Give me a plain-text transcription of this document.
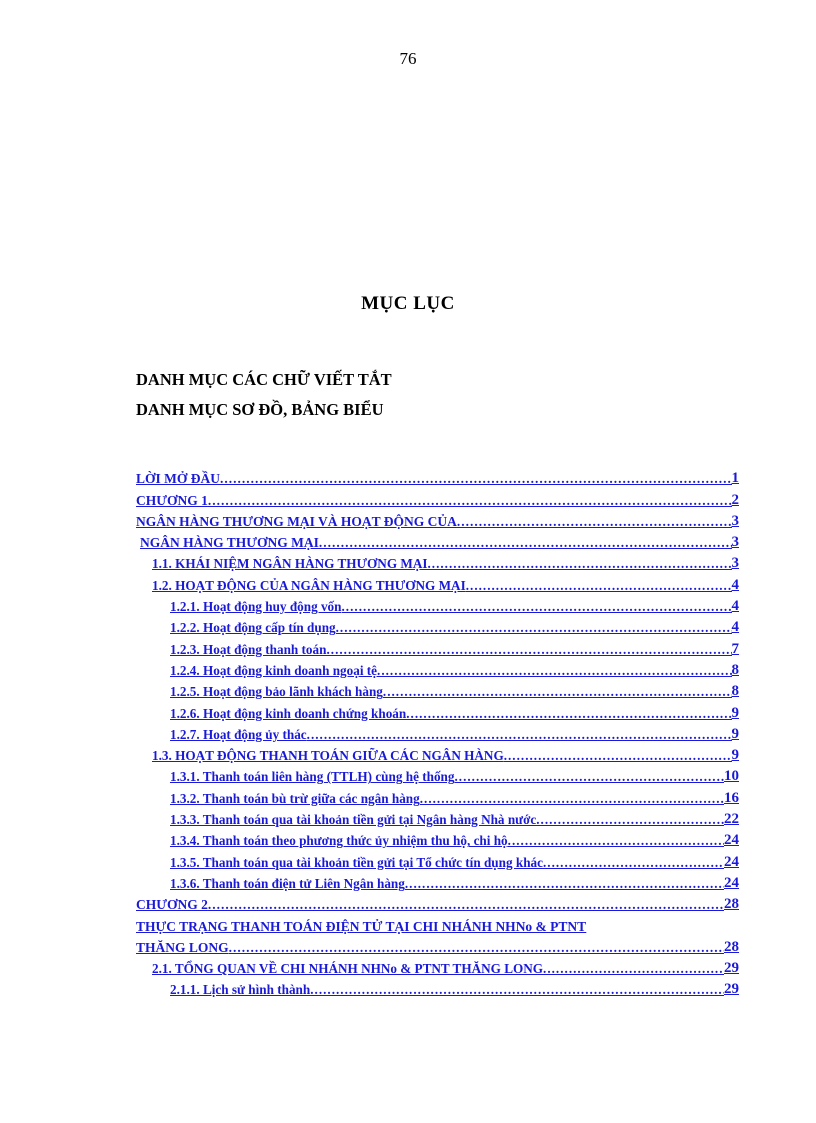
76
MỤC LỤC
DANH MỤC CÁC CHỮ VIẾT TẮT
DANH MỤC SƠ ĐỒ, BẢNG BIỂU
LỜI MỞ ĐẦU .....	1
CHƯƠNG 1 .....	2
NGÂN HÀNG THƯƠNG MẠI VÀ HOẠT ĐỘNG CỦA .....	3
NGÂN HÀNG THƯƠNG MẠI .....	3
1.1. KHÁI NIỆM NGÂN HÀNG THƯƠNG MẠI .....	3
1.2. HOẠT ĐỘNG CỦA NGÂN HÀNG THƯƠNG MẠI .....	4
1.2.1. Hoạt động huy động vốn .....	4
1.2.2. Hoạt động cấp tín dụng .....	4
1.2.3. Hoạt động thanh toán .....	7
1.2.4. Hoạt động kinh doanh ngoại tệ .....	8
1.2.5. Hoạt động bảo lãnh khách hàng .....	8
1.2.6. Hoạt động kinh doanh chứng khoán .....	9
1.2.7. Hoạt động ủy thác .....	9
1.3. HOẠT ĐỘNG THANH TOÁN GIỮA CÁC NGÂN HÀNG .....	9
1.3.1. Thanh toán liên hàng (TTLH) cùng hệ thống .....	10
1.3.2. Thanh toán bù trừ giữa các ngân hàng .....	16
1.3.3. Thanh toán qua tài khoản tiền gửi tại Ngân hàng Nhà nước .....	22
1.3.4. Thanh toán theo phương thức ủy nhiệm thu hộ, chi hộ .....	24
1.3.5. Thanh toán qua tài khoản tiền gửi tại Tổ chức tín dụng khác .....	24
1.3.6. Thanh toán điện tử Liên Ngân hàng .....	24
CHƯƠNG 2 .....	28
THỰC TRẠNG THANH TOÁN ĐIỆN TỬ TẠI CHI NHÁNH NHNo & PTNT
THĂNG LONG .....	28
2.1. TỔNG QUAN VỀ CHI NHÁNH NHNo & PTNT THĂNG LONG .....	29
2.1.1. Lịch sử hình thành .....	29
